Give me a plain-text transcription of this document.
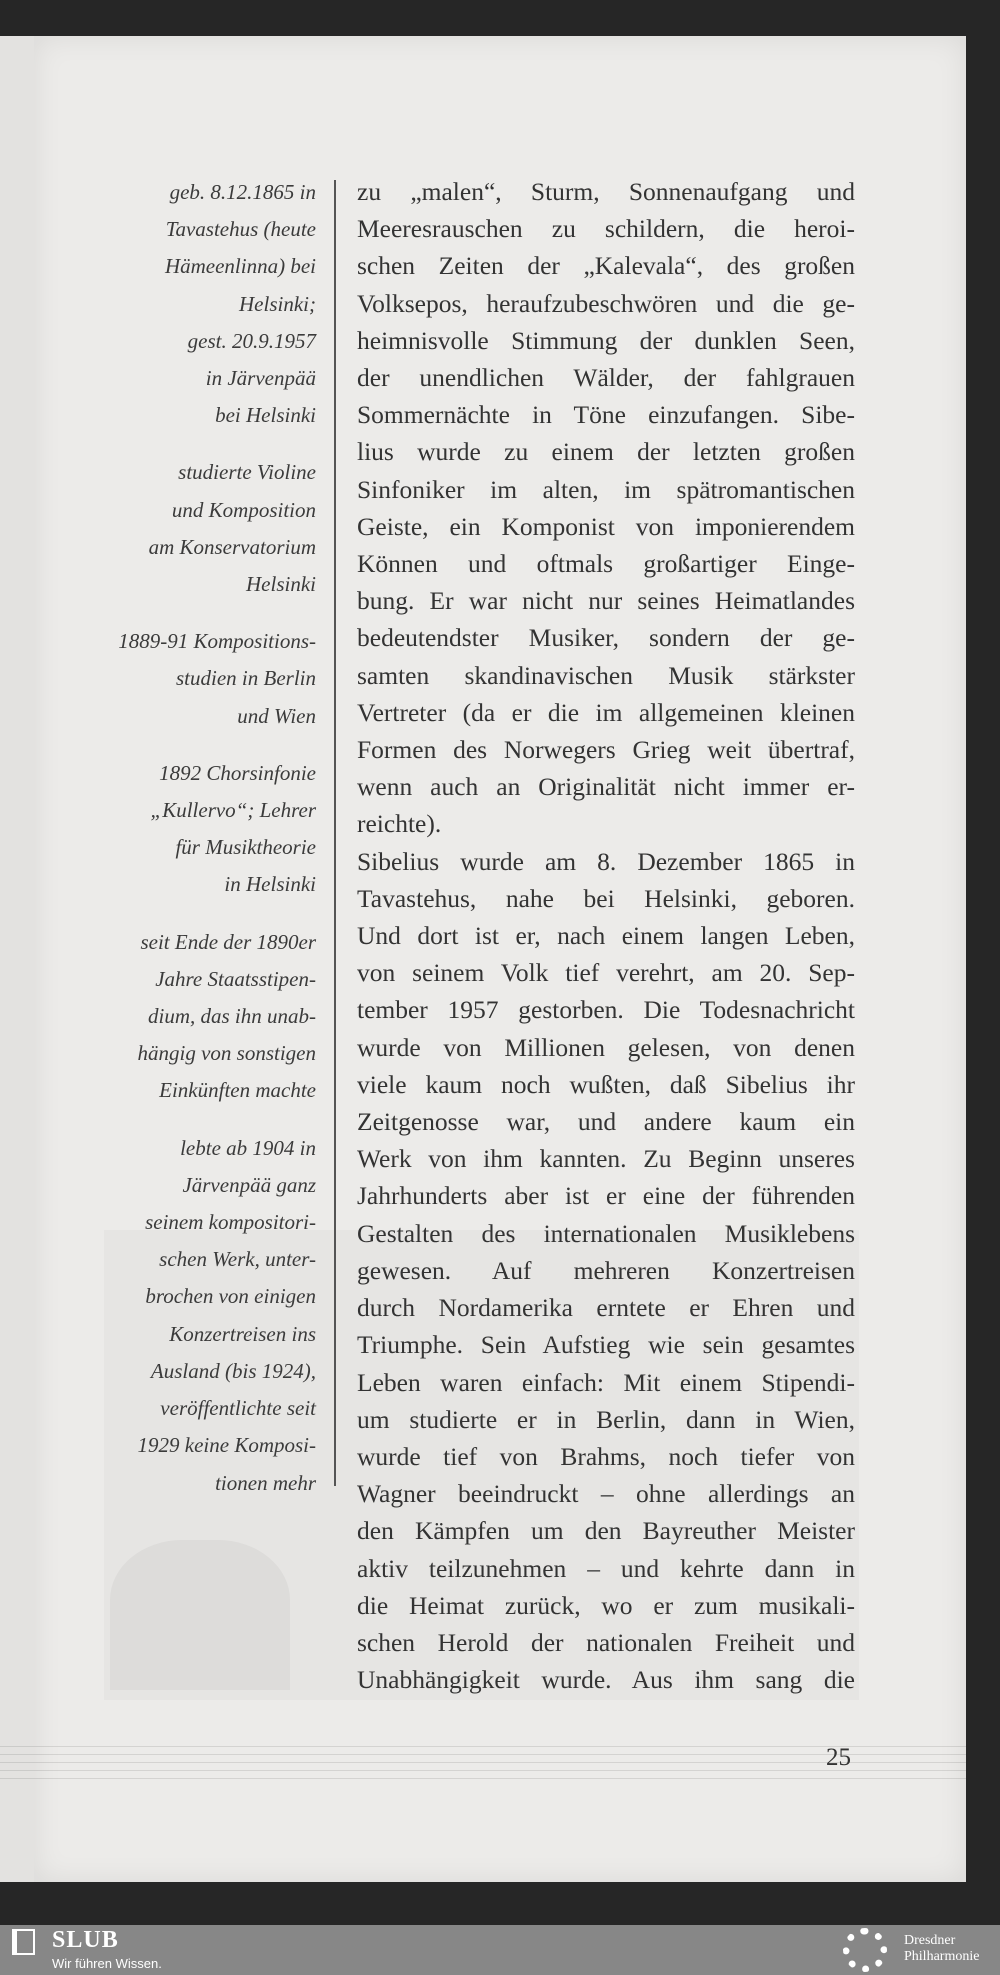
geb. 8.12.1865 in
Tavastehus (heute
Hämeenlinna) bei
Helsinki;
gest. 20.9.1957
in Järvenpää
bei Helsinki
studierte Violine
und Komposition
am Konservatorium
Helsinki
1889-91 Kompositions-
studien in Berlin
und Wien
1892 Chorsinfonie
„Kullervo“; Lehrer
für Musiktheorie
in Helsinki
seit Ende der 1890er
Jahre Staatsstipen-
dium, das ihn unab-
hängig von sonstigen
Einkünften machte
lebte ab 1904 in
Järvenpää ganz
seinem kompositori-
schen Werk, unter-
brochen von einigen
Konzertreisen ins
Ausland (bis 1924),
veröffentlichte seit
1929 keine Komposi-
tionen mehr
zu „malen“, Sturm, Sonnenaufgang und
Meeresrauschen zu schildern, die heroi-
schen Zeiten der „Kalevala“, des großen
Volksepos, heraufzubeschwören und die ge-
heimnisvolle Stimmung der dunklen Seen,
der unendlichen Wälder, der fahlgrauen
Sommernächte in Töne einzufangen. Sibe-
lius wurde zu einem der letzten großen
Sinfoniker im alten, im spätromantischen
Geiste, ein Komponist von imponierendem
Können und oftmals großartiger Einge-
bung. Er war nicht nur seines Heimatlandes
bedeutendster Musiker, sondern der ge-
samten skandinavischen Musik stärkster
Vertreter (da er die im allgemeinen kleinen
Formen des Norwegers Grieg weit übertraf,
wenn auch an Originalität nicht immer er-
reichte).
Sibelius wurde am 8. Dezember 1865 in
Tavastehus, nahe bei Helsinki, geboren.
Und dort ist er, nach einem langen Leben,
von seinem Volk tief verehrt, am 20. Sep-
tember 1957 gestorben. Die Todesnachricht
wurde von Millionen gelesen, von denen
viele kaum noch wußten, daß Sibelius ihr
Zeitgenosse war, und andere kaum ein
Werk von ihm kannten. Zu Beginn unseres
Jahrhunderts aber ist er eine der führenden
Gestalten des internationalen Musiklebens
gewesen. Auf mehreren Konzertreisen
durch Nordamerika erntete er Ehren und
Triumphe. Sein Aufstieg wie sein gesamtes
Leben waren einfach: Mit einem Stipendi-
um studierte er in Berlin, dann in Wien,
wurde tief von Brahms, noch tiefer von
Wagner beeindruckt – ohne allerdings an
den Kämpfen um den Bayreuther Meister
aktiv teilzunehmen – und kehrte dann in
die Heimat zurück, wo er zum musikali-
schen Herold der nationalen Freiheit und
Unabhängigkeit wurde. Aus ihm sang die
25
SLUB
Wir führen Wissen.
Dresdner
Philharmonie
